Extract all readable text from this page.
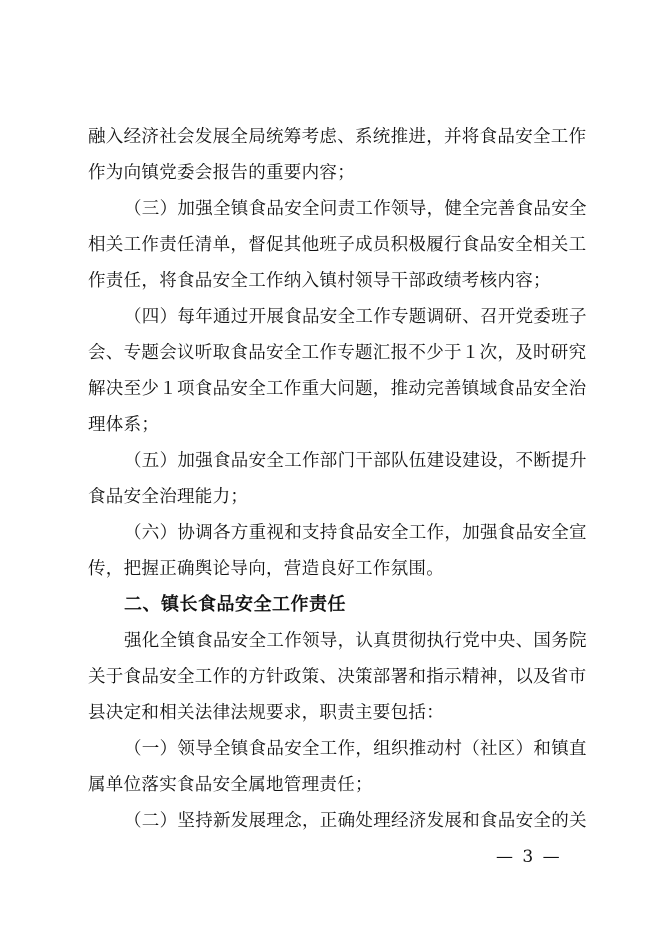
融入经济社会发展全局统筹考虑、系统推进，并将食品安全工作
作为向镇党委会报告的重要内容；
（三）加强全镇食品安全问责工作领导，健全完善食品安全
相关工作责任清单，督促其他班子成员积极履行食品安全相关工
作责任，将食品安全工作纳入镇村领导干部政绩考核内容；
（四）每年通过开展食品安全工作专题调研、召开党委班子
会、专题会议听取食品安全工作专题汇报不少于１次，及时研究
解决至少１项食品安全工作重大问题，推动完善镇域食品安全治
理体系；
（五）加强食品安全工作部门干部队伍建设建设，不断提升
食品安全治理能力；
（六）协调各方重视和支持食品安全工作，加强食品安全宣
传，把握正确舆论导向，营造良好工作氛围。
二、镇长食品安全工作责任
强化全镇食品安全工作领导，认真贯彻执行党中央、国务院
关于食品安全工作的方针政策、决策部署和指示精神，以及省市
县决定和相关法律法规要求，职责主要包括：
（一）领导全镇食品安全工作，组织推动村（社区）和镇直
属单位落实食品安全属地管理责任；
（二）坚持新发展理念，正确处理经济发展和食品安全的关
— 3 —
